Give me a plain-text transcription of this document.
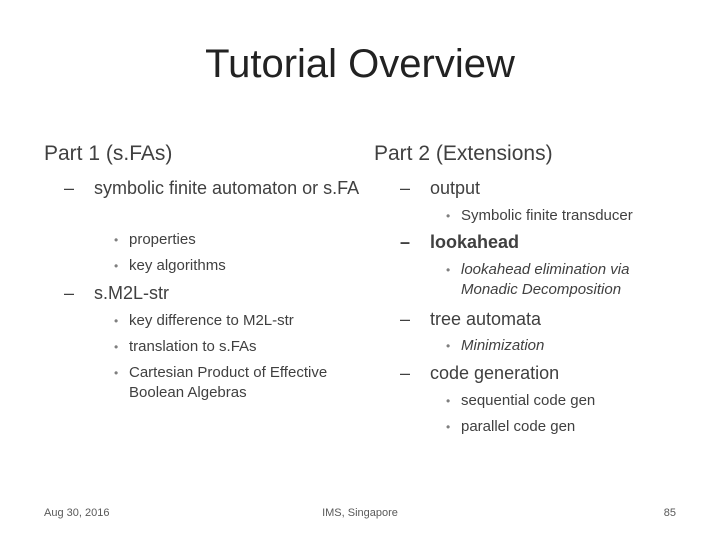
Tutorial Overview
Part 1 (s.FAs)
– symbolic finite automaton or s.FA
• properties
• key algorithms
– s.M2L-str
• key difference to M2L-str
• translation to s.FAs
• Cartesian Product of Effective Boolean Algebras
Part 2 (Extensions)
– output
• Symbolic finite transducer
– lookahead
• lookahead elimination via Monadic Decomposition
– tree automata
• Minimization
– code generation
• sequential code gen
• parallel code gen
Aug 30, 2016	IMS, Singapore	85
